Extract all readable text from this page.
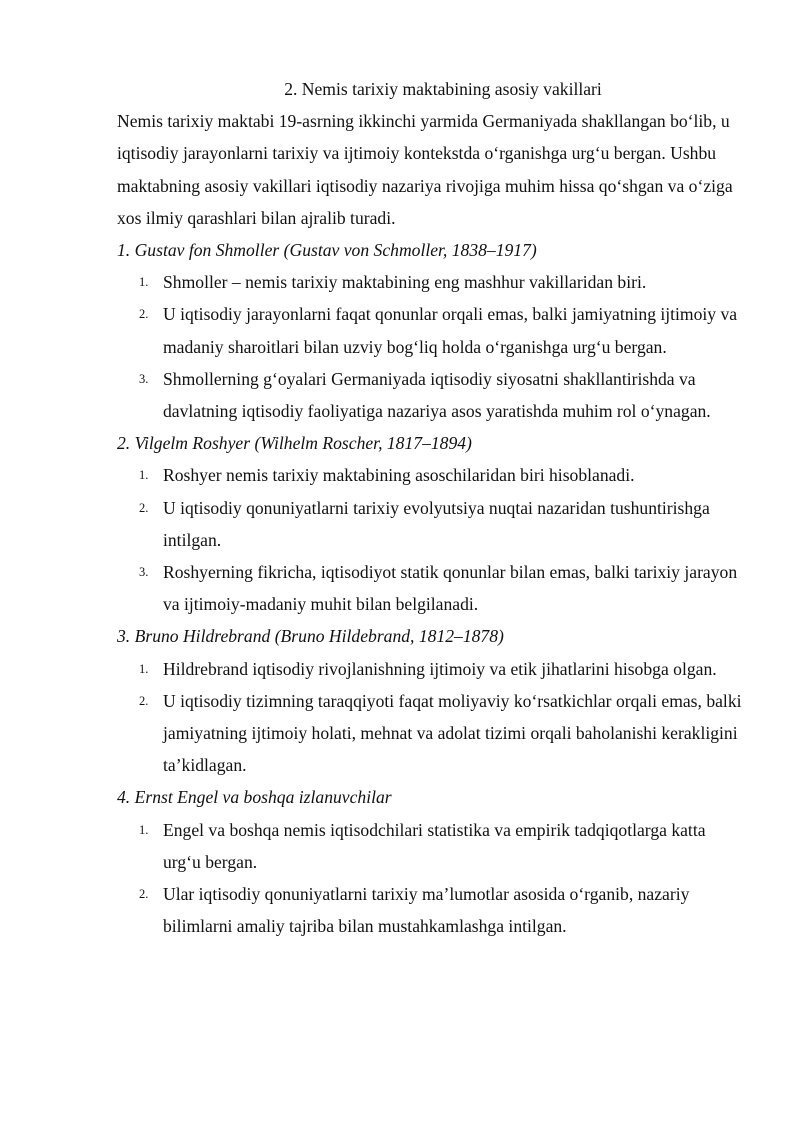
2. Nemis tarixiy maktabining asosiy vakillari

Nemis tarixiy maktabi 19-asrning ikkinchi yarmida Germaniyada shakllangan bo‘lib, u iqtisodiy jarayonlarni tarixiy va ijtimoiy kontekstda o‘rganishga urg‘u bergan. Ushbu maktabning asosiy vakillari iqtisodiy nazariya rivojiga muhim hissa qo‘shgan va o‘ziga xos ilmiy qarashlari bilan ajralib turadi.

1. Gustav fon Shmoller (Gustav von Schmoller, 1838–1917)

1. Shmoller – nemis tarixiy maktabining eng mashhur vakillaridan biri.
2. U iqtisodiy jarayonlarni faqat qonunlar orqali emas, balki jamiyatning ijtimoiy va madaniy sharoitlari bilan uzviy bog‘liq holda o‘rganishga urg‘u bergan.
3. Shmollerning g‘oyalari Germaniyada iqtisodiy siyosatni shakllantirishda va davlatning iqtisodiy faoliyatiga nazariya asos yaratishda muhim rol o‘ynagan.

2. Vilgelm Roshyer (Wilhelm Roscher, 1817–1894)

1. Roshyer nemis tarixiy maktabining asoschilaridan biri hisoblanadi.
2. U iqtisodiy qonuniyatlarni tarixiy evolyutsiya nuqtai nazaridan tushuntirishga intilgan.
3. Roshyerning fikricha, iqtisodiyot statik qonunlar bilan emas, balki tarixiy jarayon va ijtimoiy-madaniy muhit bilan belgilanadi.

3. Bruno Hildrebrand (Bruno Hildebrand, 1812–1878)

1. Hildrebrand iqtisodiy rivojlanishning ijtimoiy va etik jihatlarini hisobga olgan.
2. U iqtisodiy tizimning taraqqiyoti faqat moliyaviy ko‘rsatkichlar orqali emas, balki jamiyatning ijtimoiy holati, mehnat va adolat tizimi orqali baholanishi kerakligini ta’kidlagan.

4. Ernst Engel va boshqa izlanuvchilar

1. Engel va boshqa nemis iqtisodchilari statistika va empirik tadqiqotlarga katta urg‘u bergan.
2. Ular iqtisodiy qonuniyatlarni tarixiy ma’lumotlar asosida o‘rganib, nazariy bilimlarni amaliy tajriba bilan mustahkamlashga intilgan.
